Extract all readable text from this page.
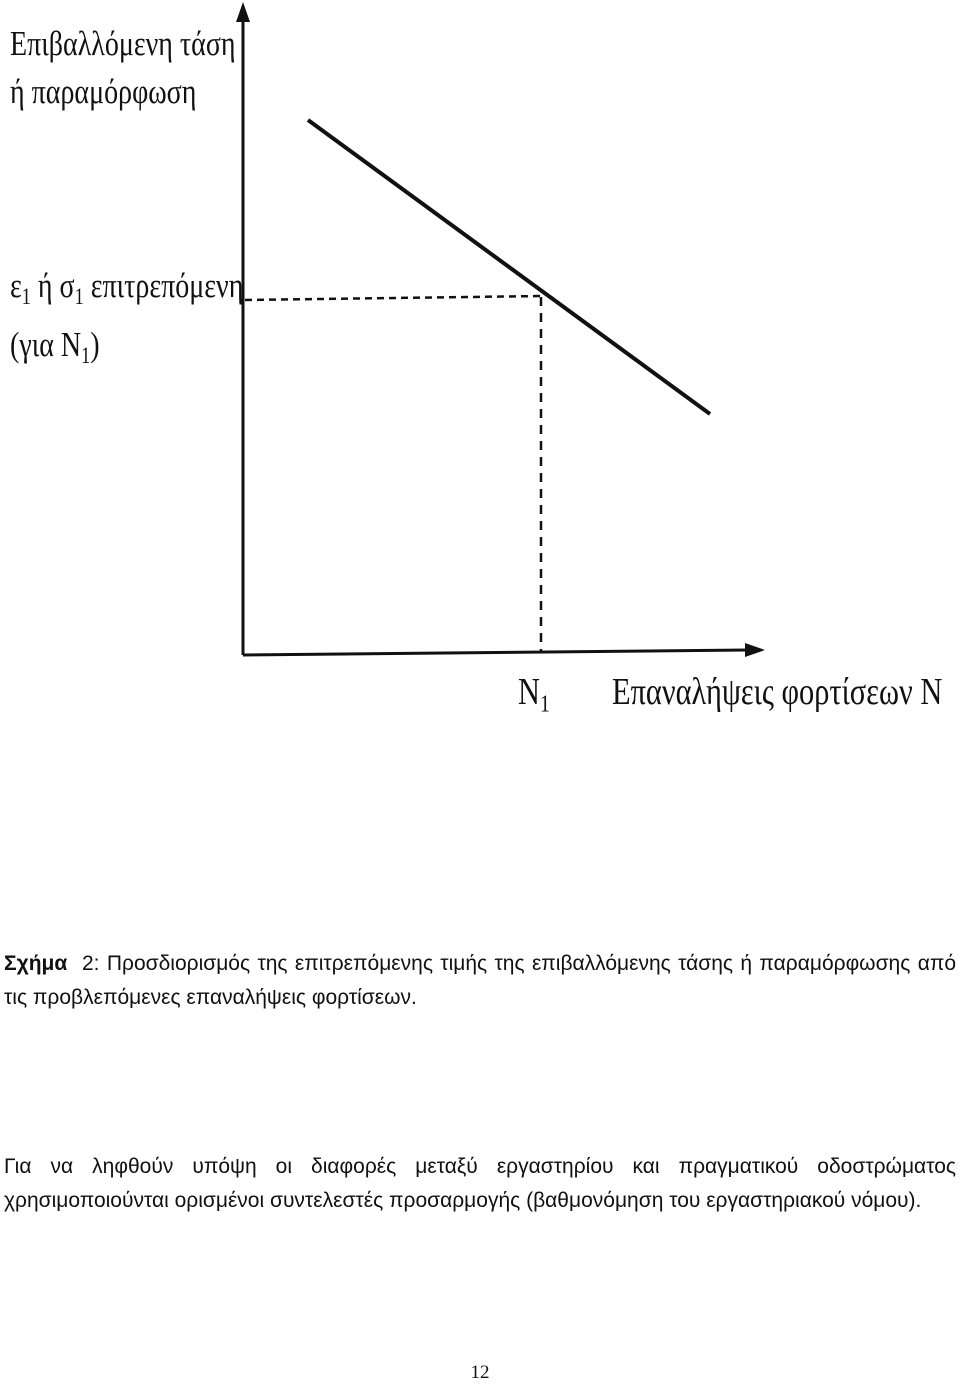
Επιβαλλόμενη τάση
ή παραμόρφωση
$\varepsilon_1$ ή $\sigma_1$ επιτρεπόμενη
(για $N_1$)
$N_1$ Επαναλήψεις φορτίσεων N
Σχήμα 2: Προσδιορισμός της επιτρεπόμενης τιμής της επιβαλλόμενης τάσης ή παραμόρφωσης από τις προβλεπόμενες επαναλήψεις φορτίσεων.
Για να ληφθούν υπόψη οι διαφορές μεταξύ εργαστηρίου και πραγματικού οδοστρώματος χρησιμοποιούνται ορισμένοι συντελεστές προσαρμογής (βαθμονόμηση του εργαστηριακού νόμου).
12
